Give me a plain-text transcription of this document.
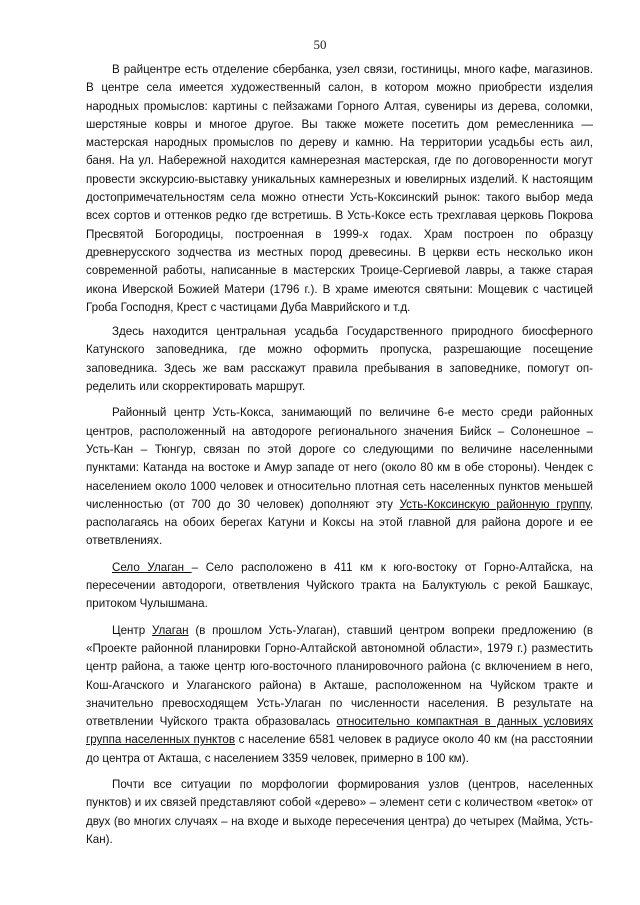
50

В райцентре есть отделение сбербанка, узел связи, гостиницы, много кафе, магазинов. В центре села имеется художественный салон, в котором можно приобрести изделия народных промыслов: картины с пейзажами Горного Алтая, сувениры из дерева, соломки, шерстяные ковры и многое другое. Вы также можете посетить дом ремесленника — мастерская народных промыслов по дереву и камню. На территории усадьбы есть аил, баня. На ул. Набережной находится камнерезная мастерская, где по договоренности могут провести экскурсию-выставку уникальных камнерезных и ювелирных изделий. К настоящим достопримечательностям села можно отнести Усть-Коксинский рынок: такого выбор меда всех сортов и оттенков редко где встретишь. В Усть-Коксе есть трехглавая церковь Покрова Пресвятой Богородицы, построенная в 1999-х годах. Храм построен по образцу древнерусского зодчества из местных пород древесины. В церкви есть несколько икон современной работы, написанные в мастерских Троице-Сергиевой лавры, а также старая икона Иверской Божией Матери (1796 г.). В храме имеются святыни: Мощевик с частицей Гроба Господня, Крест с частицами Дуба Маврийского и т.д.

Здесь находится центральная усадьба Государственного природного биосферного Катунского заповедника, где можно оформить пропуска, разрешающие посещение заповедника. Здесь же вам расскажут правила пребывания в заповеднике, помогут определить или скорректировать маршрут.

Районный центр Усть-Кокса, занимающий по величине 6-е место среди районных центров, расположенный на автодороге регионального значения Бийск – Солонешное – Усть-Кан – Тюнгур, связан по этой дороге со следующими по величине населенными пунктами: Катанда на востоке и Амур западе от него (около 80 км в обе стороны). Чендек с населением около 1000 человек и относительно плотная сеть населенных пунктов меньшей численностью (от 700 до 30 человек) дополняют эту Усть-Коксинскую районную группу, располагаясь на обоих берегах Катуни и Коксы на этой главной для района дороге и ее ответвлениях.

Село Улаган – Село расположено в 411 км к юго-востоку от Горно-Алтайска, на пересечении автодороги, ответвления Чуйского тракта на Балуктуюль с рекой Башкаус, притоком Чулышмана.

Центр Улаган (в прошлом Усть-Улаган), ставший центром вопреки предложению (в «Проекте районной планировки Горно-Алтайской автономной области», 1979 г.) разместить центр района, а также центр юго-восточного планировочного района (с включением в него, Кош-Агачского и Улаганского района) в Акташе, расположенном на Чуйском тракте и значительно превосходящем Усть-Улаган по численности населения. В результате на ответвлении Чуйского тракта образовалась относительно компактная в данных условиях группа населенных пунктов с население 6581 человек в радиусе около 40 км (на расстоянии до центра от Акташа, с населением 3359 человек, примерно в 100 км).

Почти все ситуации по морфологии формирования узлов (центров, населенных пунктов) и их связей представляют собой «дерево» – элемент сети с количеством «веток» от двух (во многих случаях – на входе и выходе пересечения центра) до четырех (Майма, Усть-Кан).
